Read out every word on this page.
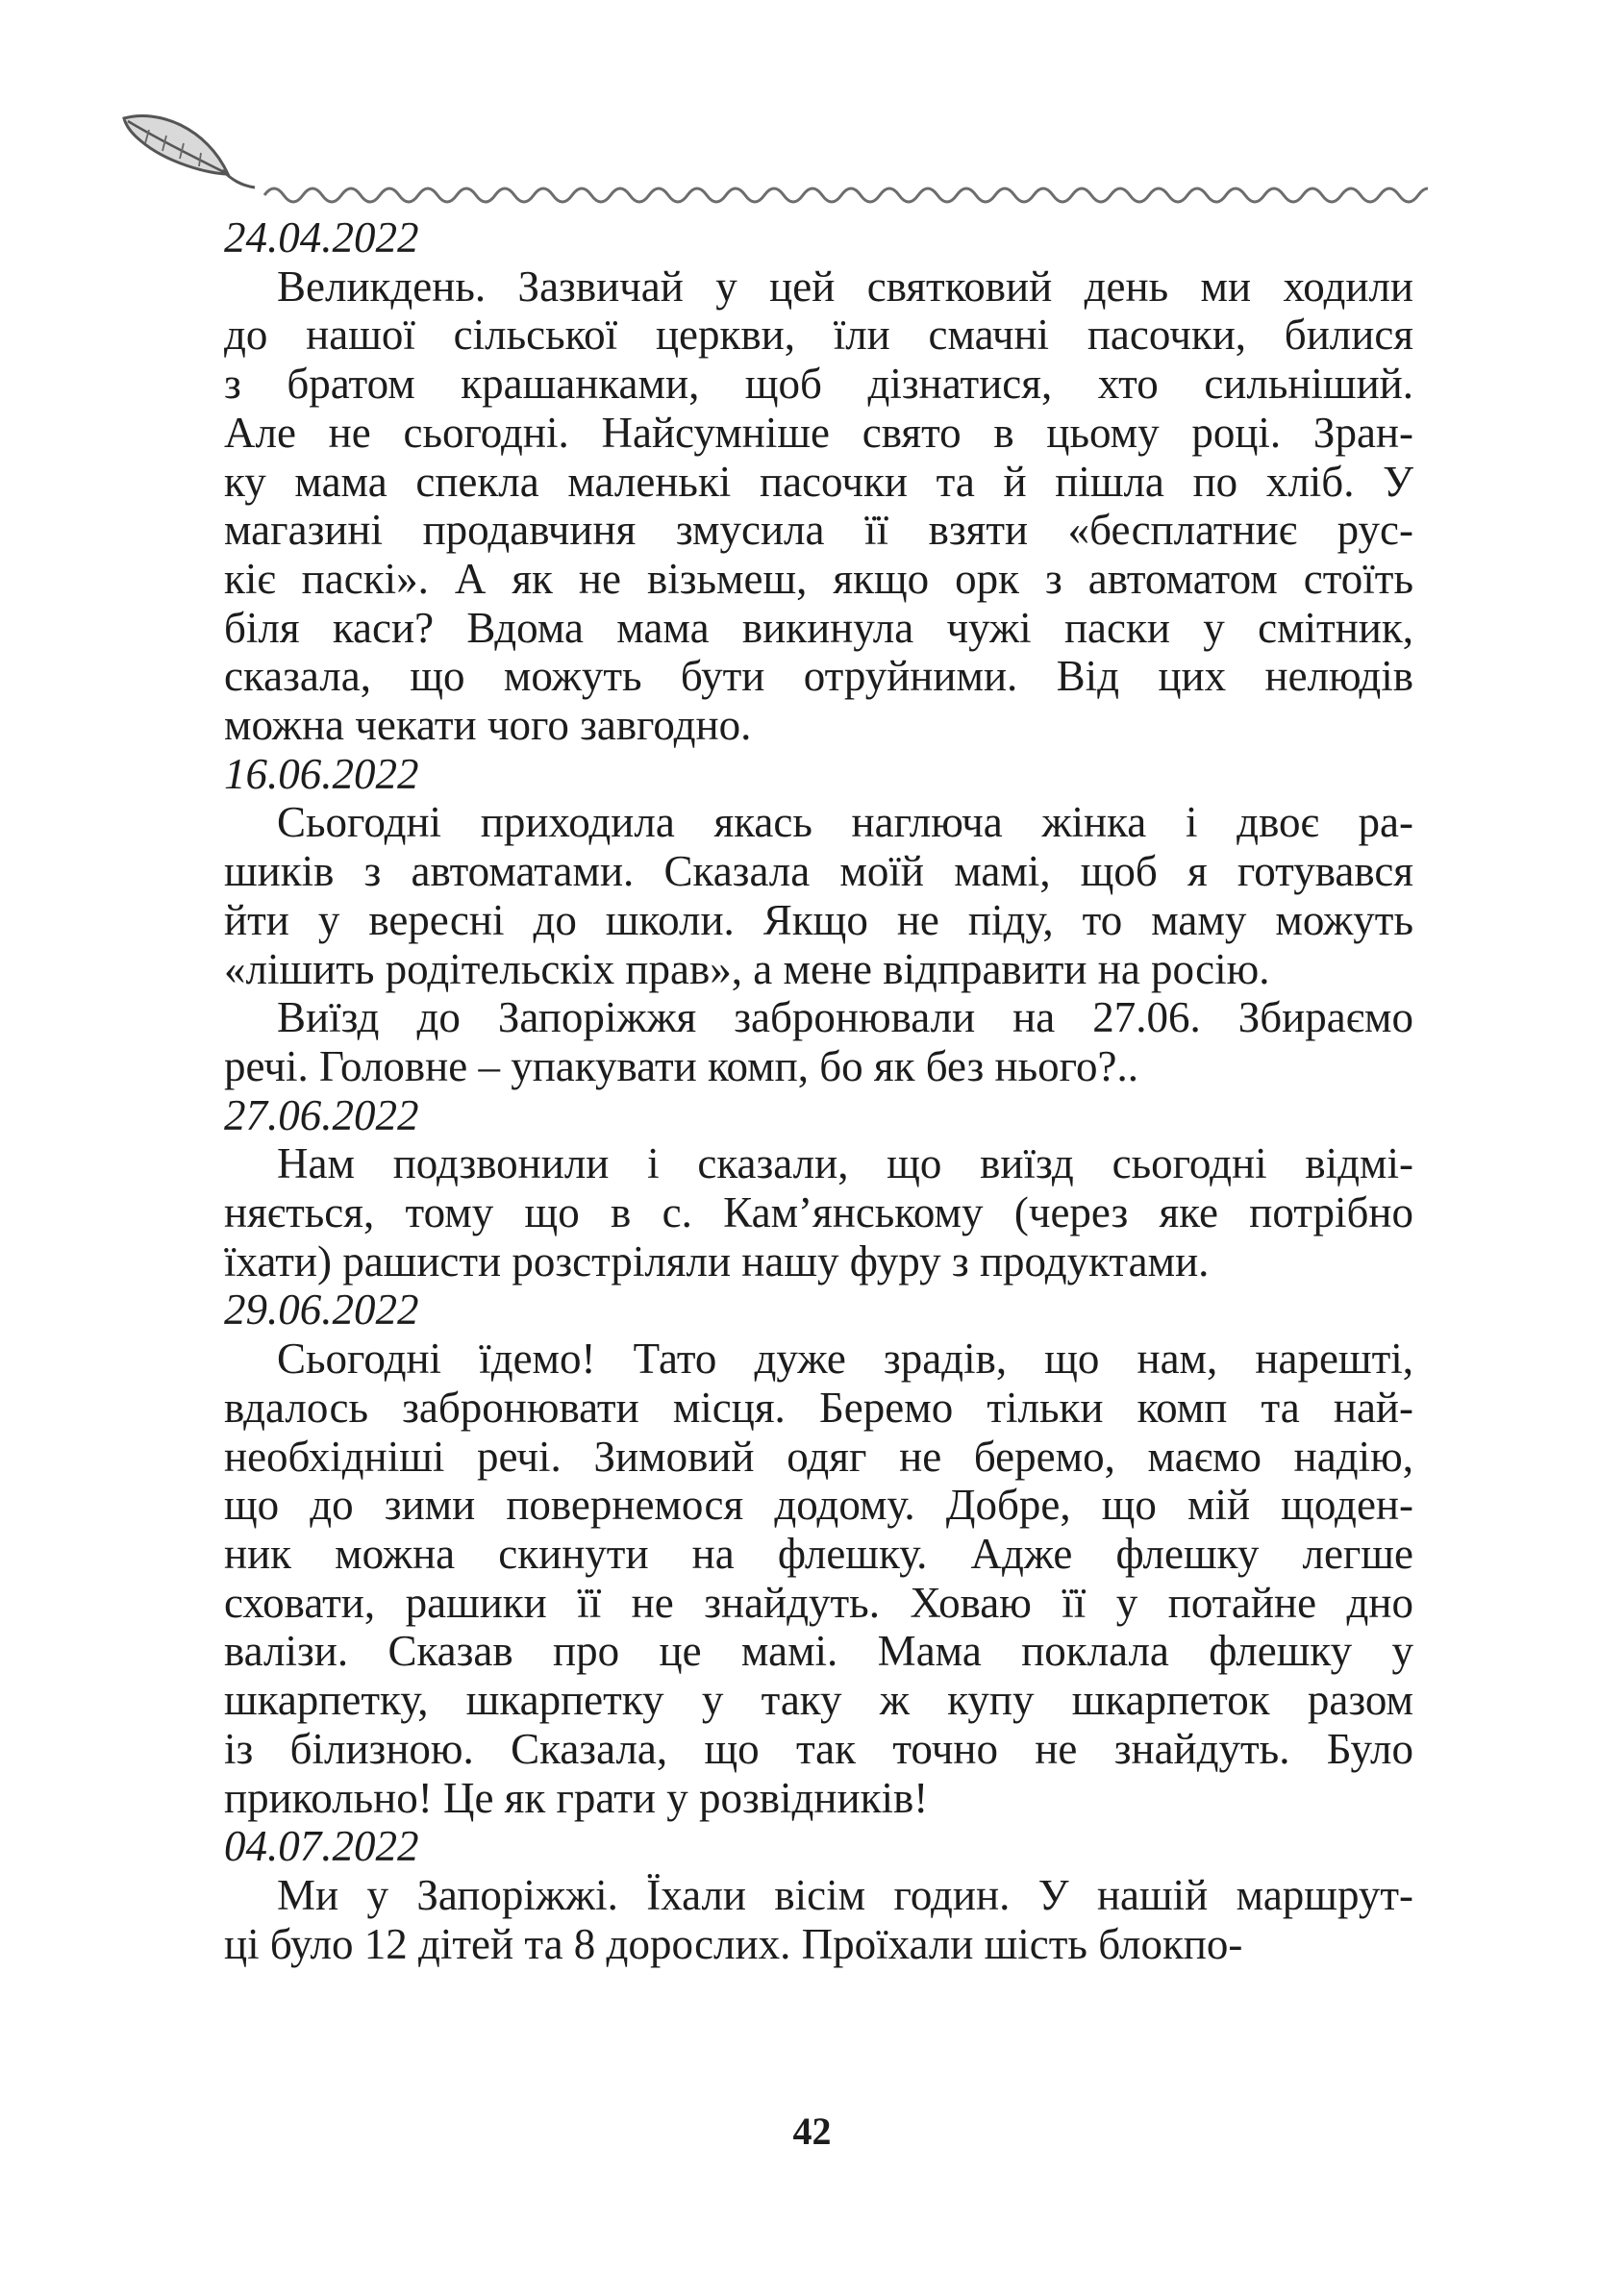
24.04.2022

Великдень. Зазвичай у цей святковий день ми ходили
до нашої сільської церкви, їли смачні пасочки, билися
з братом крашанками, щоб дізнатися, хто сильніший.
Але не сьогодні. Найсумніше свято в цьому році. Зран-
ку мама спекла маленькі пасочки та й пішла по хліб. У
магазині продавчиня змусила її взяти «бесплатниє рус-
кіє паскі». А як не візьмеш, якщо орк з автоматом стоїть
біля каси? Вдома мама викинула чужі паски у смітник,
сказала, що можуть бути отруйними. Від цих нелюдів
можна чекати чого завгодно.

16.06.2022

Сьогодні приходила якась наглюча жінка і двоє ра-
шиків з автоматами. Сказала моїй мамі, щоб я готувався
йти у вересні до школи. Якщо не піду, то маму можуть
«лішить родітельскіх прав», а мене відправити на росію.
Виїзд до Запоріжжя забронювали на 27.06. Збираємо
речі. Головне – упакувати комп, бо як без нього?..

27.06.2022

Нам подзвонили і сказали, що виїзд сьогодні відмі-
няється, тому що в с. Кам’янському (через яке потрібно
їхати) рашисти розстріляли нашу фуру з продуктами.

29.06.2022

Сьогодні їдемо! Тато дуже зрадів, що нам, нарешті,
вдалось забронювати місця. Беремо тільки комп та най-
необхідніші речі. Зимовий одяг не беремо, маємо надію,
що до зими повернемося додому. Добре, що мій щоден-
ник можна скинути на флешку. Адже флешку легше
сховати, рашики її не знайдуть. Ховаю її у потайне дно
валізи. Сказав про це мамі. Мама поклала флешку у
шкарпетку, шкарпетку у таку ж купу шкарпеток разом
із білизною. Сказала, що так точно не знайдуть. Було
прикольно! Це як грати у розвідників!

04.07.2022

Ми у Запоріжжі. Їхали вісім годин. У нашій маршрут-
ці було 12 дітей та 8 дорослих. Проїхали шість блокпо-
42
